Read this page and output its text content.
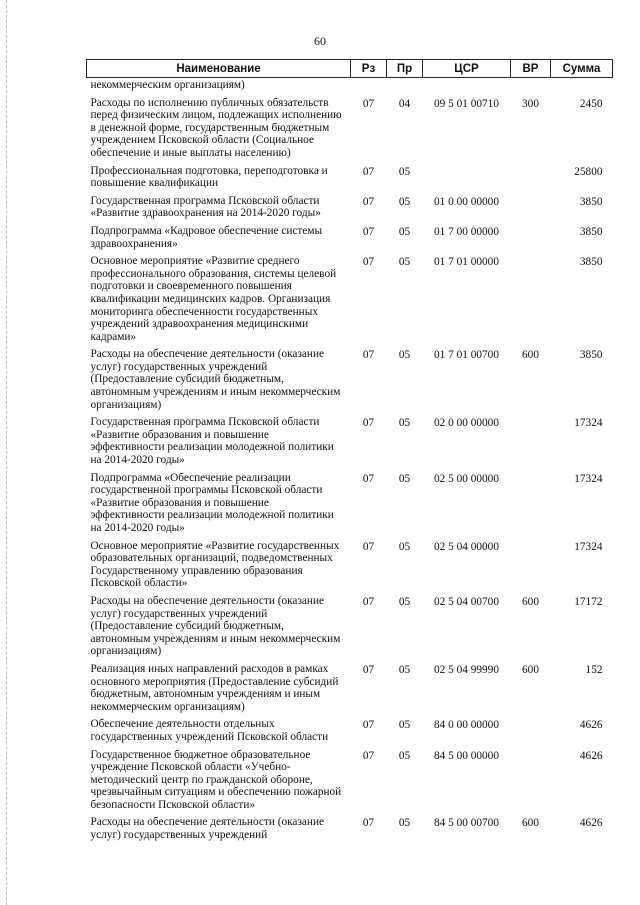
60
Наименование	Рз	Пр	ЦСР	ВР	Сумма
некоммерческим организациям)					
Расходы по исполнению публичных обязательств перед физическим лицом, подлежащих исполнению в денежной форме, государственным бюджетным учреждением Псковской области (Социальное обеспечение и иные выплаты населению)	07	04	09 5 01 00710	300	2450
Профессиональная подготовка, переподготовка и повышение квалификации	07	05			25800
Государственная программа Псковской области «Развитие здравоохранения на 2014-2020 годы»	07	05	01 0 00 00000		3850
Подпрограмма «Кадровое обеспечение системы здравоохранения»	07	05	01 7 00 00000		3850
Основное мероприятие «Развитие среднего профессионального образования, системы целевой подготовки и своевременного повышения квалификации медицинских кадров. Организация мониторинга обеспеченности государственных учреждений здравоохранения медицинскими кадрами»	07	05	01 7 01 00000		3850
Расходы на обеспечение деятельности (оказание услуг) государственных учреждений (Предоставление субсидий бюджетным, автономным учреждениям и иным некоммерческим организациям)	07	05	01 7 01 00700	600	3850
Государственная программа Псковской области «Развитие образования и повышение эффективности реализации молодежной политики на 2014-2020 годы»	07	05	02 0 00 00000		17324
Подпрограмма «Обеспечение реализации государственной программы Псковской области «Развитие образования и повышение эффективности реализации молодежной политики на 2014-2020 годы»	07	05	02 5 00 00000		17324
Основное мероприятие «Развитие государственных образовательных организаций, подведомственных Государственному управлению образования Псковской области»	07	05	02 5 04 00000		17324
Расходы на обеспечение деятельности (оказание услуг) государственных учреждений (Предоставление субсидий бюджетным, автономным учреждениям и иным некоммерческим организациям)	07	05	02 5 04 00700	600	17172
Реализация иных направлений расходов в рамках основного мероприятия (Предоставление субсидий бюджетным, автономным учреждениям и иным некоммерческим организациям)	07	05	02 5 04 99990	600	152
Обеспечение деятельности отдельных государственных учреждений Псковской области	07	05	84 0 00 00000		4626
Государственное бюджетное образовательное учреждение Псковской области «Учебно-методический центр по гражданской обороне, чрезвычайным ситуациям и обеспечению пожарной безопасности Псковской области»	07	05	84 5 00 00000		4626
Расходы на обеспечение деятельности (оказание услуг) государственных учреждений	07	05	84 5 00 00700	600	4626
